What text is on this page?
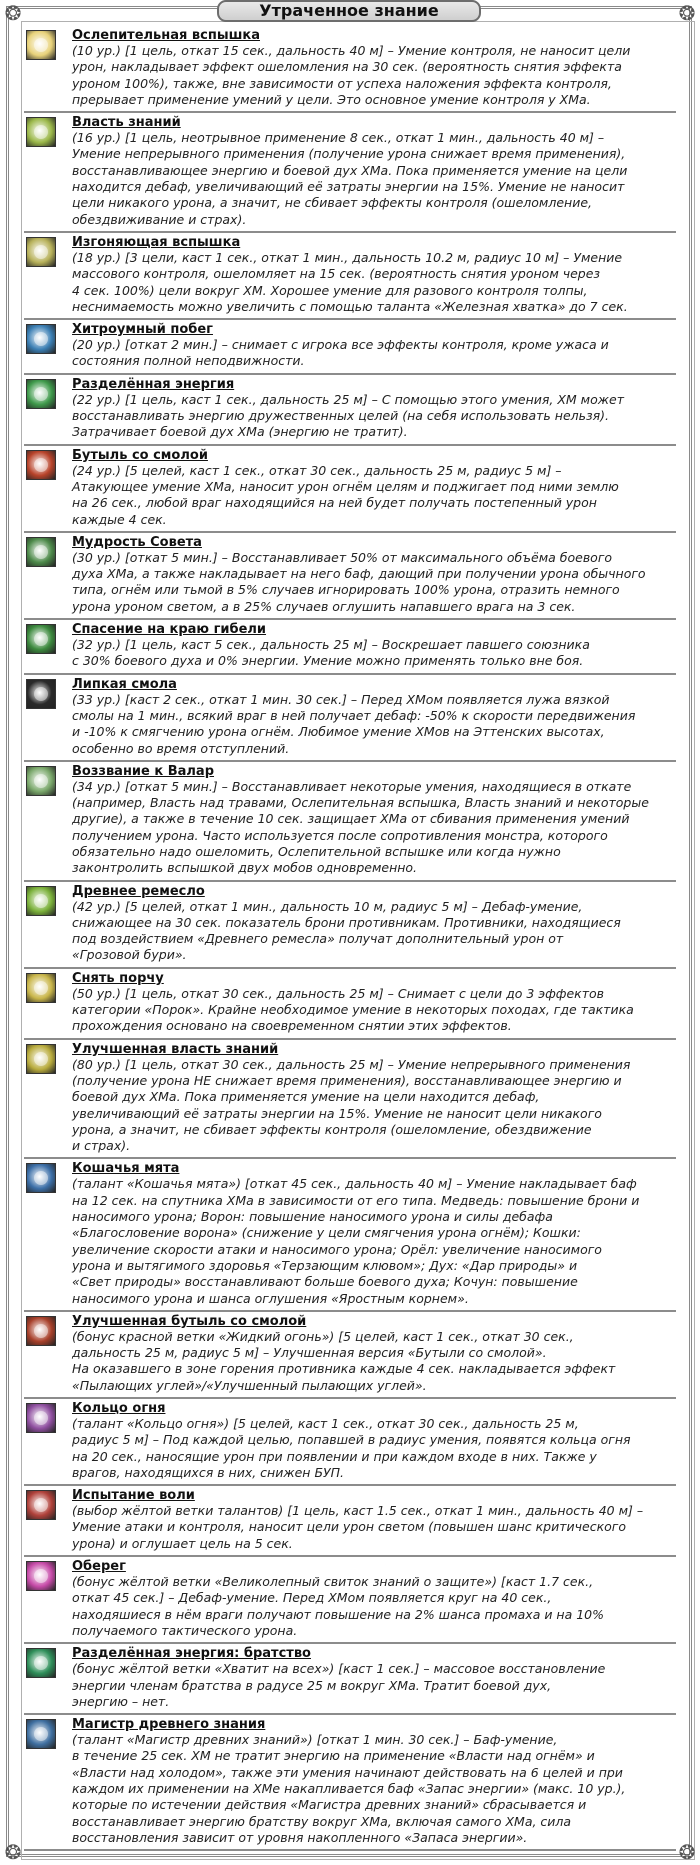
❂	❂
❂	❂
Утраченное знание
Ослепительная вспышка
(10 ур.) [1 цель, откат 15 сек., дальность 40 м] – Умение контроля, не наносит цели
урон, накладывает эффект ошеломления на 30 сек. (вероятность снятия эффекта
уроном 100%), также, вне зависимости от успеха наложения эффекта контроля,
прерывает применение умений у цели. Это основное умение контроля у ХМа.
Власть знаний
(16 ур.) [1 цель, неотрывное применение 8 сек., откат 1 мин., дальность 40 м] –
Умение непрерывного применения (получение урона снижает время применения),
восстанавливающее энергию и боевой дух ХМа. Пока применяется умение на цели
находится дебаф, увеличивающий её затраты энергии на 15%. Умение не наносит
цели никакого урона, а значит, не сбивает эффекты контроля (ошеломление,
обездвиживание и страх).
Изгоняющая вспышка
(18 ур.) [3 цели, каст 1 сек., откат 1 мин., дальность 10.2 м, радиус 10 м] – Умение
массового контроля, ошеломляет на 15 сек. (вероятность снятия уроном через
4 сек. 100%) цели вокруг ХМ. Хорошее умение для разового контроля толпы,
неснимаемость можно увеличить с помощью таланта «Железная хватка» до 7 сек.
Хитроумный побег
(20 ур.) [откат 2 мин.] – снимает с игрока все эффекты контроля, кроме ужаса и
состояния полной неподвижности.
Разделённая энергия
(22 ур.) [1 цель, каст 1 сек., дальность 25 м] – С помощью этого умения, ХМ может
восстанавливать энергию дружественных целей (на себя использовать нельзя).
Затрачивает боевой дух ХМа (энергию не тратит).
Бутыль со смолой
(24 ур.) [5 целей, каст 1 сек., откат 30 сек., дальность 25 м, радиус 5 м] –
Атакующее умение ХМа, наносит урон огнём целям и поджигает под ними землю
на 26 сек., любой враг находящийся на ней будет получать постепенный урон
каждые 4 сек.
Мудрость Совета
(30 ур.) [откат 5 мин.] – Восстанавливает 50% от максимального объёма боевого
духа ХМа, а также накладывает на него баф, дающий при получении урона обычного
типа, огнём или тьмой в 5% случаев игнорировать 100% урона, отразить немного
урона уроном светом, а в 25% случаев оглушить напавшего врага на 3 сек.
Спасение на краю гибели
(32 ур.) [1 цель, каст 5 сек., дальность 25 м] – Воскрешает павшего союзника
с 30% боевого духа и 0% энергии. Умение можно применять только вне боя.
Липкая смола
(33 ур.) [каст 2 сек., откат 1 мин. 30 сек.] – Перед ХМом появляется лужа вязкой
смолы на 1 мин., всякий враг в ней получает дебаф: -50% к скорости передвижения
и -10% к смягчению урона огнём. Любимое умение ХМов на Эттенских высотах,
особенно во время отступлений.
Воззвание к Валар
(34 ур.) [откат 5 мин.] – Восстанавливает некоторые умения, находящиеся в откате
(например, Власть над травами, Ослепительная вспышка, Власть знаний и некоторые
другие), а также в течение 10 сек. защищает ХМа от сбивания применения умений
получением урона. Часто используется после сопротивления монстра, которого
обязательно надо ошеломить, Ослепительной вспышке или когда нужно
законтролить вспышкой двух мобов одновременно.
Древнее ремесло
(42 ур.) [5 целей, откат 1 мин., дальность 10 м, радиус 5 м] – Дебаф-умение,
снижающее на 30 сек. показатель брони противникам. Противники, находящиеся
под воздействием «Древнего ремесла» получат дополнительный урон от
«Грозовой бури».
Снять порчу
(50 ур.) [1 цель, откат 30 сек., дальность 25 м] – Снимает с цели до 3 эффектов
категории «Порок». Крайне необходимое умение в некоторых походах, где тактика
прохождения основано на своевременном снятии этих эффектов.
Улучшенная власть знаний
(80 ур.) [1 цель, откат 30 сек., дальность 25 м] – Умение непрерывного применения
(получение урона НЕ снижает время применения), восстанавливающее энергию и
боевой дух ХМа. Пока применяется умение на цели находится дебаф,
увеличивающий её затраты энергии на 15%. Умение не наносит цели никакого
урона, а значит, не сбивает эффекты контроля (ошеломление, обездвижение
и страх).
Кошачья мята
(талант «Кошачья мята») [откат 45 сек., дальность 40 м] – Умение накладывает баф
на 12 сек. на спутника ХМа в зависимости от его типа. Медведь: повышение брони и
наносимого урона; Ворон: повышение наносимого урона и силы дебафа
«Благословение ворона» (снижение у цели смягчения урона огнём); Кошки:
увеличение скорости атаки и наносимого урона; Орёл: увеличение наносимого
урона и вытягимого здоровья «Терзающим клювом»; Дух: «Дар природы» и
«Свет природы» восстанавливают больше боевого духа; Кочун: повышение
наносимого урона и шанса оглушения «Яростным корнем».
Улучшенная бутыль со смолой
(бонус красной ветки «Жидкий огонь») [5 целей, каст 1 сек., откат 30 сек.,
дальность 25 м, радиус 5 м] – Улучшенная версия «Бутыли со смолой».
На оказавшего в зоне горения противника каждые 4 сек. накладывается эффект
«Пылающих углей»/«Улучшенный пылающих углей».
Кольцо огня
(талант «Кольцо огня») [5 целей, каст 1 сек., откат 30 сек., дальность 25 м,
радиус 5 м] – Под каждой целью, попавшей в радиус умения, появятся кольца огня
на 20 сек., наносящие урон при появлении и при каждом входе в них. Также у
врагов, находящихся в них, снижен БУП.
Испытание воли
(выбор жёлтой ветки талантов) [1 цель, каст 1.5 сек., откат 1 мин., дальность 40 м] –
Умение атаки и контроля, наносит цели урон светом (повышен шанс критического
урона) и оглушает цель на 5 сек.
Оберег
(бонус жёлтой ветки «Великолепный свиток знаний о защите») [каст 1.7 сек.,
откат 45 сек.] – Дебаф-умение. Перед ХМом появляется круг на 40 сек.,
находяшиеся в нём враги получают повышение на 2% шанса промаха и на 10%
получаемого тактического урона.
Разделённая энергия: братство
(бонус жёлтой ветки «Хватит на всех») [каст 1 сек.] – массовое восстановление
энергии членам братства в радусе 25 м вокруг ХМа. Тратит боевой дух,
энергию – нет.
Магистр древнего знания
(талант «Магистр древних знаний») [откат 1 мин. 30 сек.] – Баф-умение,
в течение 25 сек. ХМ не тратит энергию на применение «Власти над огнём» и
«Власти над холодом», также эти умения начинают действовать на 6 целей и при
каждом их применении на ХМе накапливается баф «Запас энергии» (макс. 10 ур.),
которые по истечении действия «Магистра древних знаний» сбрасывается и
восстанавливает энергию братству вокруг ХМа, включая самого ХМа, сила
восстановления зависит от уровня накопленного «Запаса энергии».
